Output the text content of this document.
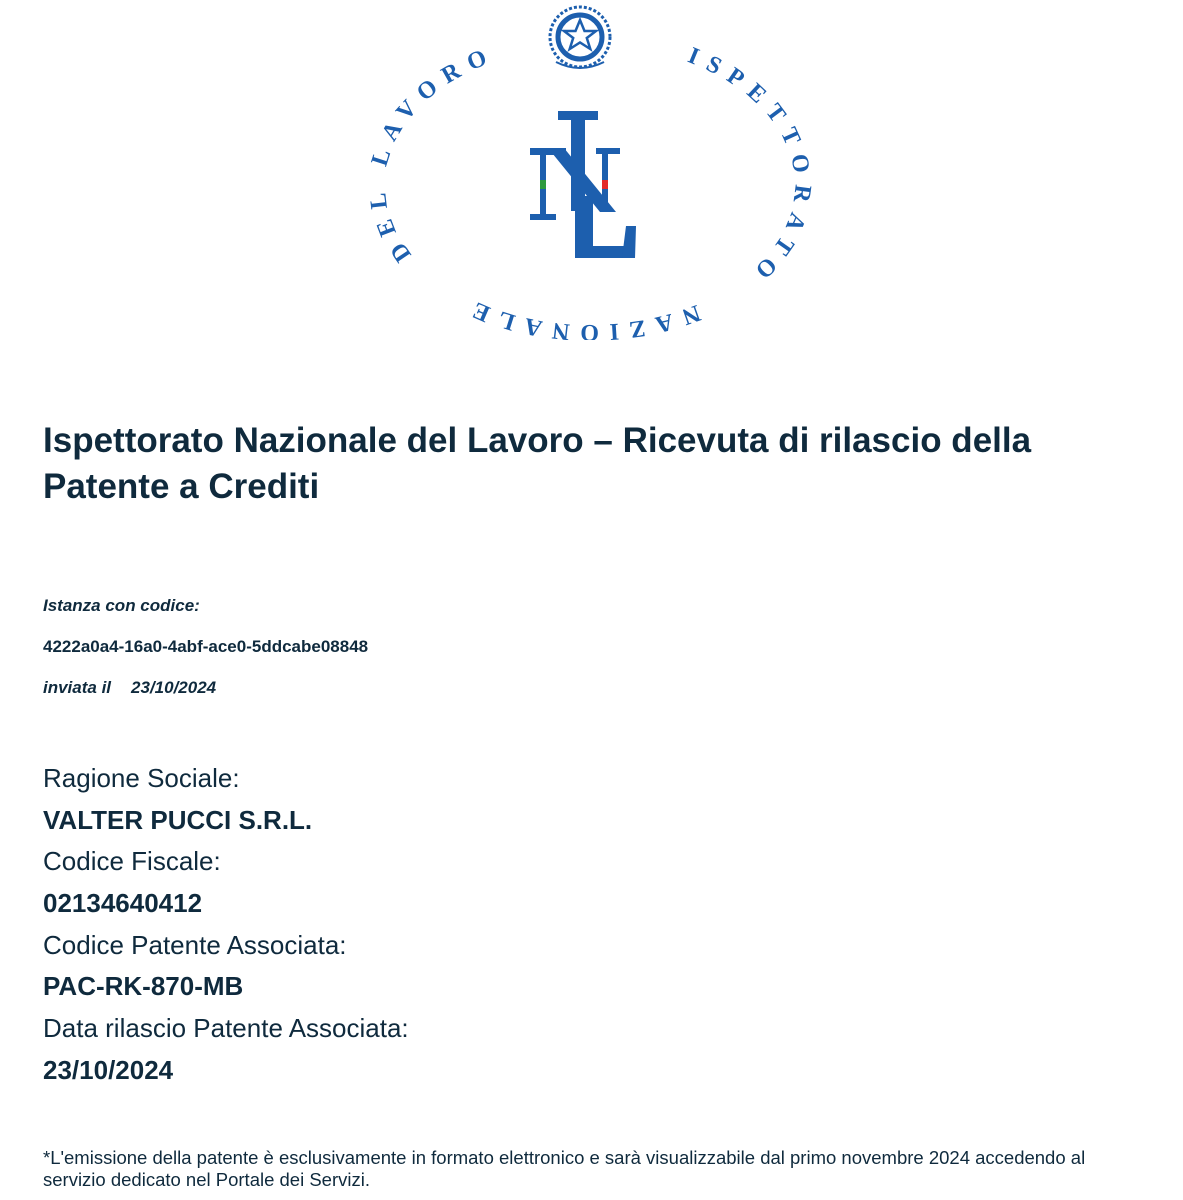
ISPETTORATO
NAZIONALE
DEL LAVORO
Ispettorato Nazionale del Lavoro – Ricevuta di rilascio della Patente a Crediti
Istanza con codice:
4222a0a4-16a0-4abf-ace0-5ddcabe08848
inviata il 23/10/2024
Ragione Sociale:
VALTER PUCCI S.R.L.
Codice Fiscale:
02134640412
Codice Patente Associata:
PAC-RK-870-MB
Data rilascio Patente Associata:
23/10/2024
*L'emissione della patente è esclusivamente in formato elettronico e sarà visualizzabile dal primo novembre 2024 accedendo al servizio dedicato nel Portale dei Servizi.
